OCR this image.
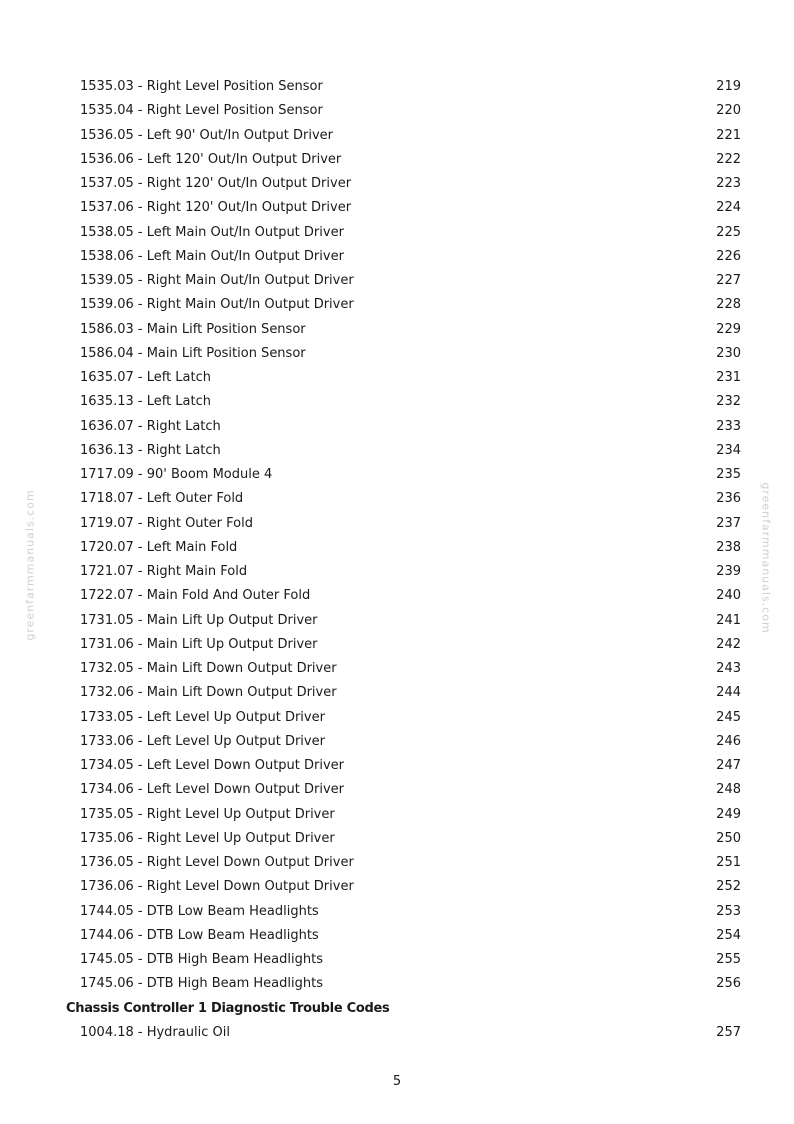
greenfarmmanuals.com	greenfarmmanuals.com
1535.03 - Right Level Position Sensor	219
1535.04 - Right Level Position Sensor	220
1536.05 - Left 90' Out/In Output Driver	221
1536.06 - Left 120' Out/In Output Driver	222
1537.05 - Right 120' Out/In Output Driver	223
1537.06 - Right 120' Out/In Output Driver	224
1538.05 - Left Main Out/In Output Driver	225
1538.06 - Left Main Out/In Output Driver	226
1539.05 - Right Main Out/In Output Driver	227
1539.06 - Right Main Out/In Output Driver	228
1586.03 - Main Lift Position Sensor	229
1586.04 - Main Lift Position Sensor	230
1635.07 - Left Latch	231
1635.13 - Left Latch	232
1636.07 - Right Latch	233
1636.13 - Right Latch	234
1717.09 - 90' Boom Module 4	235
1718.07 - Left Outer Fold	236
1719.07 - Right Outer Fold	237
1720.07 - Left Main Fold	238
1721.07 - Right Main Fold	239
1722.07 - Main Fold And Outer Fold	240
1731.05 - Main Lift Up Output Driver	241
1731.06 - Main Lift Up Output Driver	242
1732.05 - Main Lift Down Output Driver	243
1732.06 - Main Lift Down Output Driver	244
1733.05 - Left Level Up Output Driver	245
1733.06 - Left Level Up Output Driver	246
1734.05 - Left Level Down Output Driver	247
1734.06 - Left Level Down Output Driver	248
1735.05 - Right Level Up Output Driver	249
1735.06 - Right Level Up Output Driver	250
1736.05 - Right Level Down Output Driver	251
1736.06 - Right Level Down Output Driver	252
1744.05 - DTB Low Beam Headlights	253
1744.06 - DTB Low Beam Headlights	254
1745.05 - DTB High Beam Headlights	255
1745.06 - DTB High Beam Headlights	256
Chassis Controller 1 Diagnostic Trouble Codes
1004.18 - Hydraulic Oil	257
5
